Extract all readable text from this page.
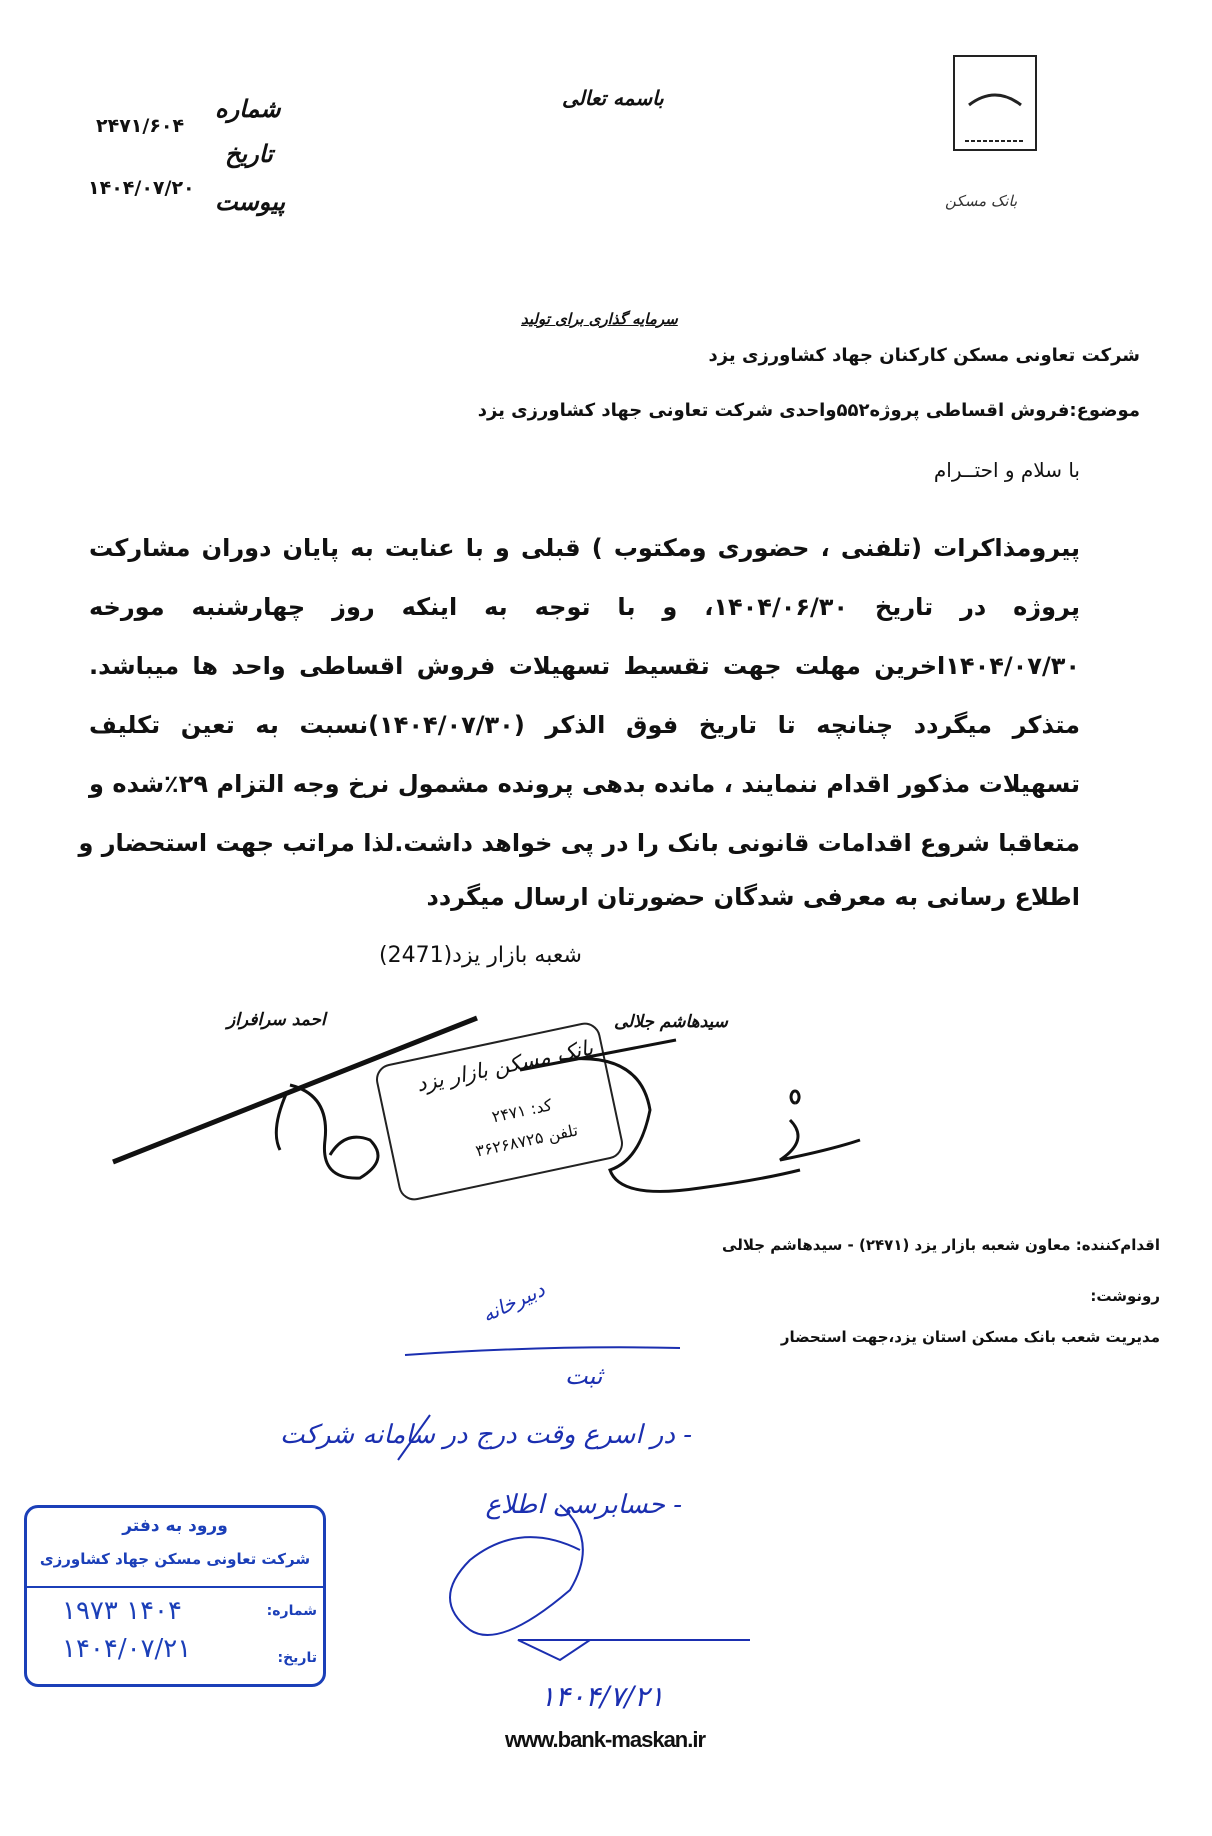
بانک مسکن
باسمه تعالی
شماره
تاریخ
پیوست
۲۴۷۱/۶۰۴
۱۴۰۴/۰۷/۲۰
سرمایه گذاری برای تولید
شرکت تعاونی مسکن کارکنان جهاد کشاورزی یزد
موضوع:فروش اقساطی پروژه۵۵۲واحدی شرکت تعاونی جهاد کشاورزی یزد
با سلام و احتــرام
پیرومذاکرات (تلفنی ، حضوری ومکتوب ) قبلی و با عنایت به پایان دوران مشارکت
پروژه در تاریخ ۱۴۰۴/۰۶/۳۰، و با توجه به اینکه روز چهارشنبه مورخه
۱۴۰۴/۰۷/۳۰اخرین مهلت جهت تقسیط تسهیلات فروش اقساطی واحد ها میباشد.
متذکر میگردد چنانچه تا تاریخ فوق الذکر (۱۴۰۴/۰۷/۳۰)نسبت به تعین تکلیف
تسهیلات مذکور اقدام ننمایند ، مانده بدهی پرونده مشمول نرخ وجه التزام ۲۹٪شده و
متعاقبا شروع اقدامات قانونی بانک را در پی خواهد داشت.لذا مراتب جهت استحضار و
اطلاع رسانی به معرفی شدگان حضورتان ارسال میگردد
شعبه بازار یزد(2471)
احمد سرافراز	سیدهاشم جلالی
بانک مسکن بازار یزد
کد: ۲۴۷۱
تلفن ۳۶۲۶۸۷۲۵
دبیرخانه
ثبت
- در اسرع وقت درج در سامانه شرکت
- حسابرسی اطلاع
۱۴۰۴/۷/۲۱
اقدام‌کننده: معاون شعبه بازار یزد (۲۴۷۱) - سیدهاشم جلالی
رونوشت:
مدیریت شعب بانک مسکن استان یزد،جهت استحضار
ورود به دفتر
شرکت تعاونی مسکن جهاد کشاورزی
شماره:
۱۴۰۴ ۱۹۷۳
تاریخ:
۱۴۰۴/۰۷/۲۱
www.bank-maskan.ir
